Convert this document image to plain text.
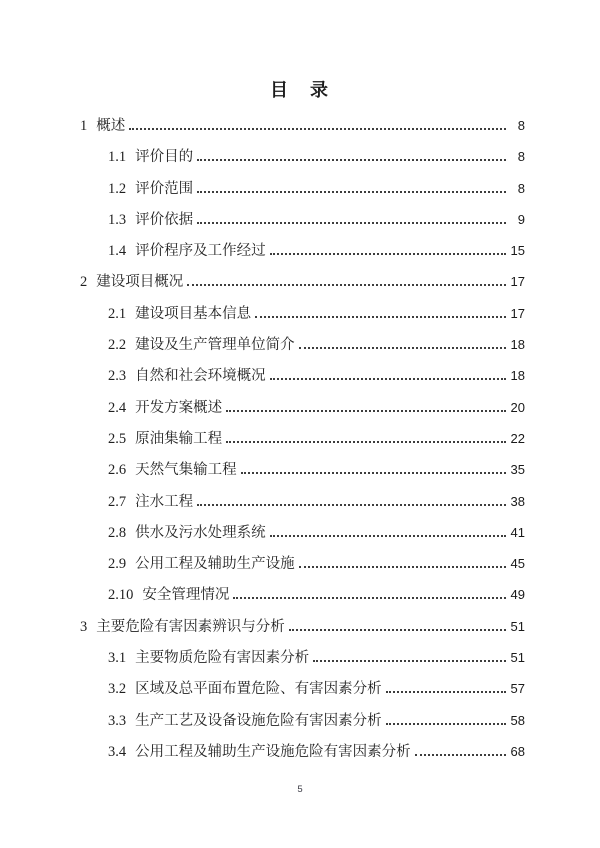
目　录
1 概述	8
1.1 评价目的	8
1.2 评价范围	8
1.3 评价依据	9
1.4 评价程序及工作经过	15
2 建设项目概况	17
2.1 建设项目基本信息	17
2.2 建设及生产管理单位简介	18
2.3 自然和社会环境概况	18
2.4 开发方案概述	20
2.5 原油集输工程	22
2.6 天然气集输工程	35
2.7 注水工程	38
2.8 供水及污水处理系统	41
2.9 公用工程及辅助生产设施	45
2.10 安全管理情况	49
3 主要危险有害因素辨识与分析	51
3.1 主要物质危险有害因素分析	51
3.2 区域及总平面布置危险、有害因素分析	57
3.3 生产工艺及设备设施危险有害因素分析	58
3.4 公用工程及辅助生产设施危险有害因素分析	68
5
